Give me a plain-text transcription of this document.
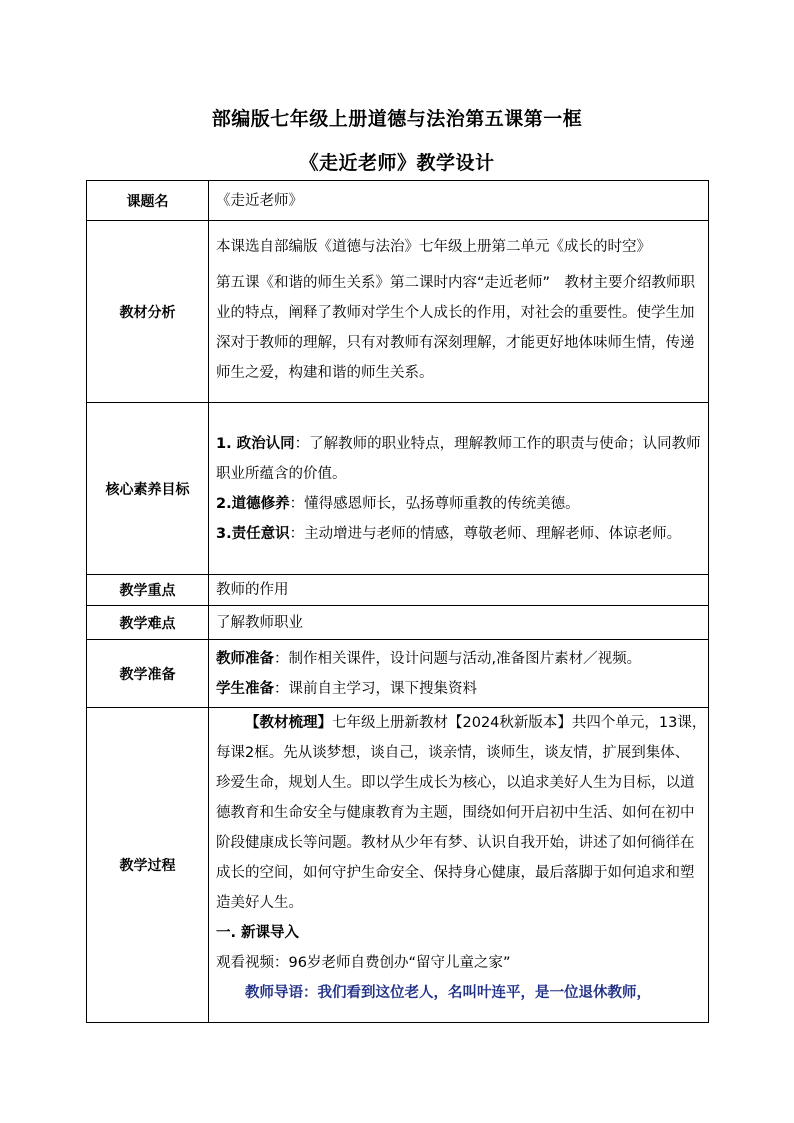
部编版七年级上册道德与法治第五课第一框
《走近老师》教学设计
课题名	《走近老师》
教材分析	本课选自部编版《道德与法治》七年级上册第二单元《成长的时空》

第五课《和谐的师生关系》第二课时内容“走近老师”　教材主要介绍教师职业的特点，阐释了教师对学生个人成长的作用，对社会的重要性。使学生加深对于教师的理解，只有对教师有深刻理解，才能更好地体味师生情，传递师生之爱，构建和谐的师生关系。

核心素养目标	1. 政治认同：了解教师的职业特点，理解教师工作的职责与使命；认同教师职业所蕴含的价值。

2.道德修养：懂得感恩师长，弘扬尊师重教的传统美德。

3.责任意识：主动增进与老师的情感，尊敬老师、理解老师、体谅老师。

教学重点	教师的作用
教学难点	了解教师职业
教学准备	教师准备：制作相关课件，设计问题与活动,准备图片素材／视频。

学生准备：课前自主学习，课下搜集资料

教学过程	【教材梳理】七年级上册新教材【2024秋新版本】共四个单元，13课，　每课2框。先从谈梦想，谈自己，谈亲情，谈师生，谈友情，扩展到集体、珍爱生命，规划人生。即以学生成长为核心，以追求美好人生为目标，以道德教育和生命安全与健康教育为主题，围绕如何开启初中生活、如何在初中阶段健康成长等问题。教材从少年有梦、认识自我开始，讲述了如何徜徉在成长的空间，如何守护生命安全、保持身心健康，最后落脚于如何追求和塑造美好人生。

一. 新课导入

观看视频：96岁老师自费创办“留守儿童之家”

教师导语：我们看到这位老人，名叫叶连平，是一位退休教师，
